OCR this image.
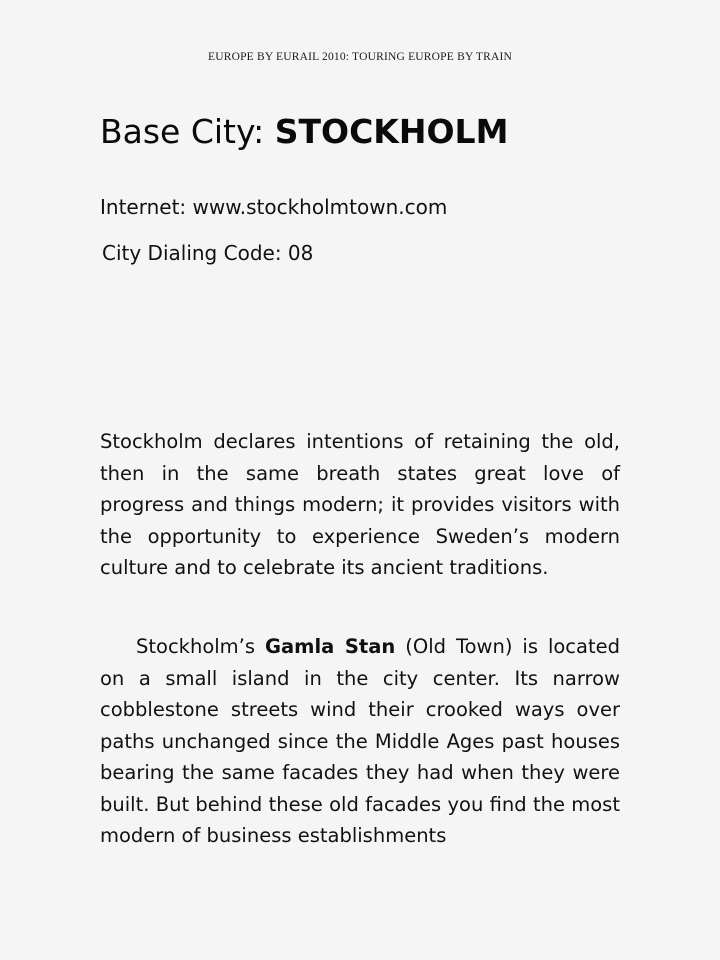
EUROPE BY EURAIL 2010: TOURING EUROPE BY TRAIN
Base City: STOCKHOLM
Internet: www.stockholmtown.com
City Dialing Code: 08

Stockholm declares intentions of retaining the old, then in the same breath states great love of progress and things modern; it provides visitors with the opportunity to experience Sweden’s modern culture and to celebrate its ancient traditions.

Stockholm’s Gamla Stan (Old Town) is located on a small island in the city center. Its narrow cobblestone streets wind their crooked ways over paths unchanged since the Middle Ages past houses bearing the same facades they had when they were built. But behind these old facades you find the most modern of business establishments
